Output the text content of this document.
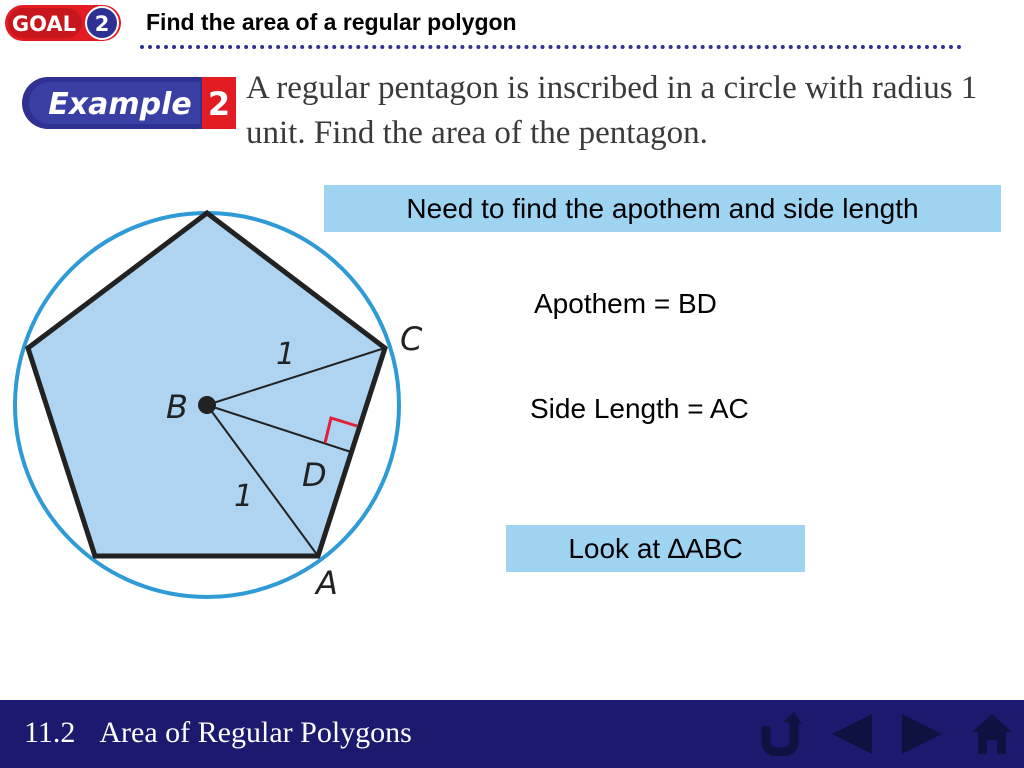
GOAL 2 Find the area of a regular polygon
Example 2 A regular pentagon is inscribed in a circle with radius 1 unit. Find the area of the pentagon.
C
B
D
A
1
1
Need to find the apothem and side length
Apothem = BD
Side Length = AC
Look at ∆ABC
11.2 Area of Regular Polygons
